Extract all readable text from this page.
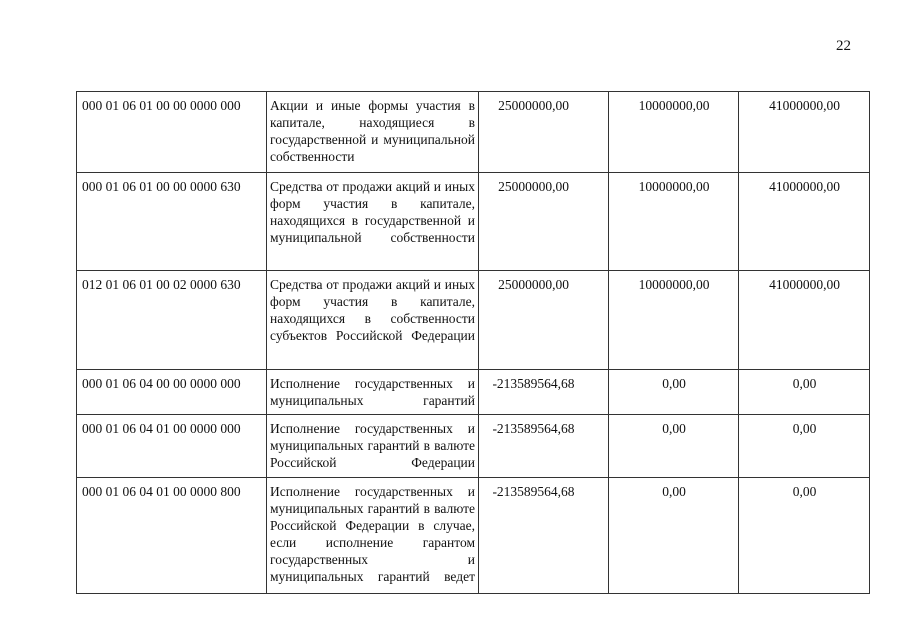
22
000 01 06 01 00 00 0000 000	Акции и иные формы участия в капитале, находящиеся в государственной и муниципальной собственности	25000000,00	10000000,00	41000000,00
000 01 06 01 00 00 0000 630	Средства от продажи акций и иных форм участия в капитале, находящихся в государственной и муниципальной собственности	25000000,00	10000000,00	41000000,00
012 01 06 01 00 02 0000 630	Средства от продажи акций и иных форм участия в капитале, находящихся в собственности субъектов Российской Федерации	25000000,00	10000000,00	41000000,00
000 01 06 04 00 00 0000 000	Исполнение государственных и муниципальных гарантий	-213589564,68	0,00	0,00
000 01 06 04 01 00 0000 000	Исполнение государственных и муниципальных гарантий в валюте Российской Федерации	-213589564,68	0,00	0,00
000 01 06 04 01 00 0000 800	Исполнение государственных и муниципальных гарантий в валюте Российской Федерации в случае, если исполнение гарантом государственных и муниципальных гарантий ведет	-213589564,68	0,00	0,00
